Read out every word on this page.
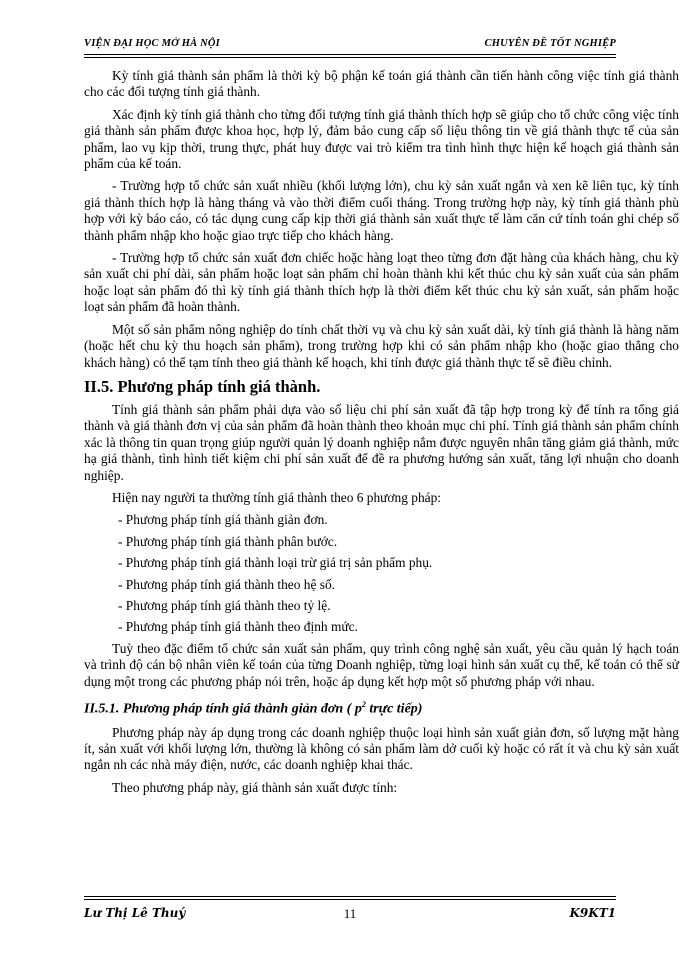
VIỆN ĐẠI HỌC MỞ HÀ NỘI	CHUYÊN ĐỀ TỐT NGHIỆP

Kỳ tính giá thành sản phẩm là thời kỳ bộ phận kế toán giá thành cần tiến hành công việc tính giá thành cho các đối tượng tính giá thành.

Xác định kỳ tính giá thành cho từng đối tượng tính giá thành thích hợp sẽ giúp cho tổ chức công việc tính giá thành sản phẩm được khoa học, hợp lý, đảm bảo cung cấp số liệu thông tin về giá thành thực tế của sản phẩm, lao vụ kịp thời, trung thực, phát huy được vai trò kiểm tra tình hình thực hiện kế hoạch giá thành sản phẩm của kế toán.

- Trường hợp tổ chức sản xuất nhiều (khối lượng lớn), chu kỳ sản xuất ngắn và xen kẽ liên tục, kỳ tính giá thành thích hợp là hàng tháng và vào thời điểm cuối tháng. Trong trường hợp này, kỳ tính giá thành phù hợp với kỳ báo cáo, có tác dụng cung cấp kịp thời giá thành sản xuất thực tế làm căn cứ tính toán ghi chép số thành phẩm nhập kho hoặc giao trực tiếp cho khách hàng.

- Trường hợp tổ chức sản xuất đơn chiếc hoặc hàng loạt theo từng đơn đặt hàng của khách hàng, chu kỳ sản xuất chi phí dài, sản phẩm hoặc loạt sản phẩm chỉ hoàn thành khi kết thúc chu kỳ sản xuất của sản phẩm hoặc loạt sản phẩm đó thì kỳ tính giá thành thích hợp là thời điểm kết thúc chu kỳ sản xuất, sản phẩm hoặc loạt sản phẩm đã hoàn thành.

Một số sản phẩm nông nghiệp do tính chất thời vụ và chu kỳ sản xuất dài, kỳ tính giá thành là hàng năm (hoặc hết chu kỳ thu hoạch sản phẩm), trong trường hợp khi có sản phẩm nhập kho (hoặc giao thẳng cho khách hàng) có thể tạm tính theo giá thành kế hoạch, khi tính được giá thành thực tế sẽ điều chỉnh.

II.5. Phương pháp tính giá thành.

Tính giá thành sản phẩm phải dựa vào số liệu chi phí sản xuất đã tập hợp trong kỳ để tính ra tổng giá thành và giá thành đơn vị của sản phẩm đã hoàn thành theo khoản mục chi phí. Tính giá thành sản phẩm chính xác là thông tin quan trọng giúp người quản lý doanh nghiệp nắm được nguyên nhân tăng giảm giá thành, mức hạ giá thành, tình hình tiết kiệm chi phí sản xuất để đề ra phương hướng sản xuất, tăng lợi nhuận cho doanh nghiệp.

Hiện nay người ta thường tính giá thành theo 6 phương pháp:

- Phương pháp tính giá thành giản đơn.

- Phương pháp tính giá thành phân bước.

- Phương pháp tính giá thành loại trừ giá trị sản phẩm phụ.

- Phương pháp tính giá thành theo hệ số.

- Phương pháp tính giá thành theo tỷ lệ.

- Phương pháp tính giá thành theo định mức.

Tuỳ theo đặc điểm tổ chức sản xuất sản phẩm, quy trình công nghệ sản xuất, yêu cầu quản lý hạch toán và trình độ cán bộ nhân viên kế toán của từng Doanh nghiệp, từng loại hình sản xuất cụ thể, kế toán có thể sử dụng một trong các phương pháp nói trên, hoặc áp dụng kết hợp một số phương pháp với nhau.

II.5.1. Phương pháp tính giá thành giản đơn ( $p^2$ trực tiếp)

Phương pháp này áp dụng trong các doanh nghiệp thuộc loại hình sản xuất giản đơn, số lượng mặt hàng ít, sản xuất với khối lượng lớn, thường là không có sản phẩm làm dở cuối kỳ hoặc có rất ít và chu kỳ sản xuất ngắn nh các nhà máy điện, nước, các doanh nghiệp khai thác.

Theo phương pháp này, giá thành sản xuất được tính:

Lư Thị Lê Thuý	11	K9KT1
